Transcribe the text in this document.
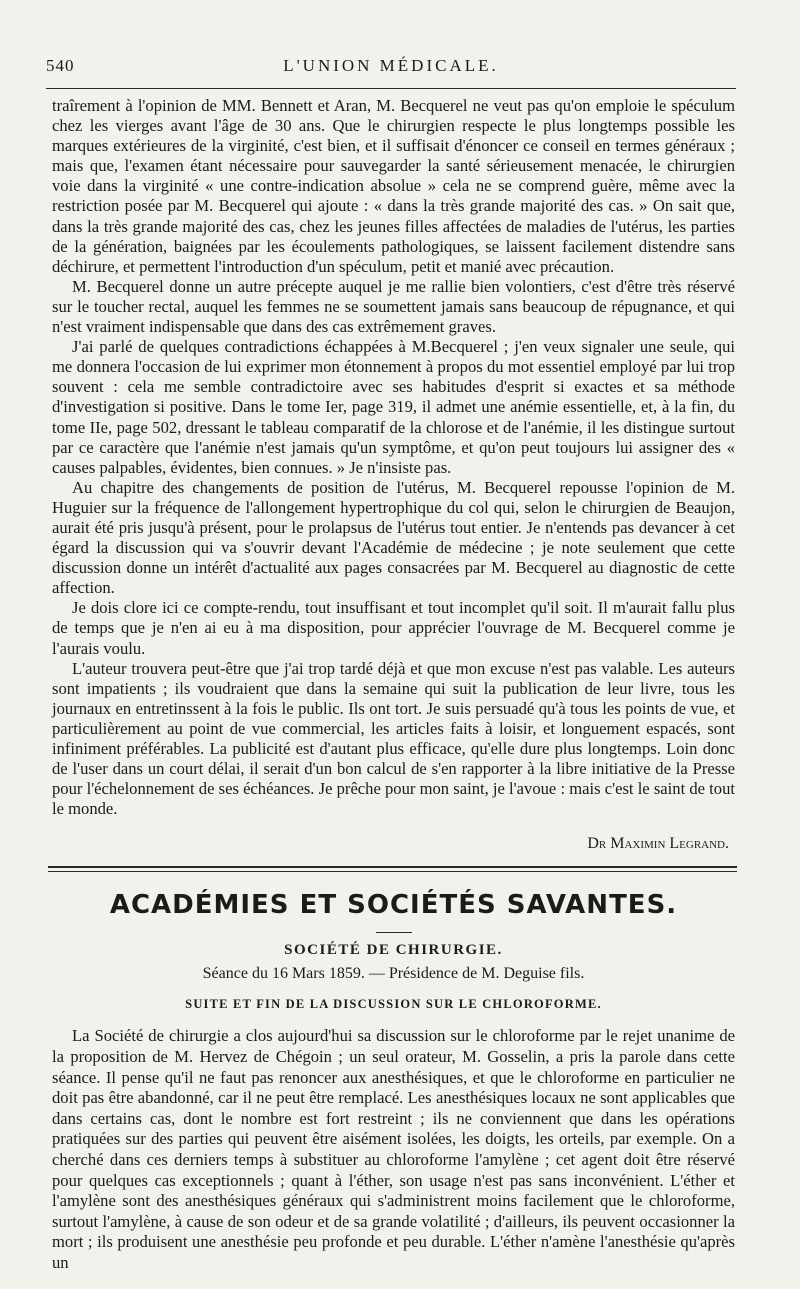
540	L'UNION MÉDICALE.

traîrement à l'opinion de MM. Bennett et Aran, M. Becquerel ne veut pas qu'on emploie le spéculum chez les vierges avant l'âge de 30 ans. Que le chirurgien respecte le plus longtemps possible les marques extérieures de la virginité, c'est bien, et il suffisait d'énoncer ce conseil en termes généraux ; mais que, l'examen étant nécessaire pour sauvegarder la santé sérieusement menacée, le chirurgien voie dans la virginité « une contre-indication absolue » cela ne se comprend guère, même avec la restriction posée par M. Becquerel qui ajoute : « dans la très grande majorité des cas. » On sait que, dans la très grande majorité des cas, chez les jeunes filles affectées de maladies de l'utérus, les parties de la génération, baignées par les écoulements pathologiques, se laissent facilement distendre sans déchirure, et permettent l'introduction d'un spéculum, petit et manié avec précaution.

M. Becquerel donne un autre précepte auquel je me rallie bien volontiers, c'est d'être très réservé sur le toucher rectal, auquel les femmes ne se soumettent jamais sans beaucoup de répugnance, et qui n'est vraiment indispensable que dans des cas extrêmement graves.

J'ai parlé de quelques contradictions échappées à M.Becquerel ; j'en veux signaler une seule, qui me donnera l'occasion de lui exprimer mon étonnement à propos du mot essentiel employé par lui trop souvent : cela me semble contradictoire avec ses habitudes d'esprit si exactes et sa méthode d'investigation si positive. Dans le tome Ier, page 319, il admet une anémie essentielle, et, à la fin, du tome IIe, page 502, dressant le tableau comparatif de la chlorose et de l'anémie, il les distingue surtout par ce caractère que l'anémie n'est jamais qu'un symptôme, et qu'on peut toujours lui assigner des « causes palpables, évidentes, bien connues. » Je n'insiste pas.

Au chapitre des changements de position de l'utérus, M. Becquerel repousse l'opinion de M. Huguier sur la fréquence de l'allongement hypertrophique du col qui, selon le chirurgien de Beaujon, aurait été pris jusqu'à présent, pour le prolapsus de l'utérus tout entier. Je n'entends pas devancer à cet égard la discussion qui va s'ouvrir devant l'Académie de médecine ; je note seulement que cette discussion donne un intérêt d'actualité aux pages consacrées par M. Becquerel au diagnostic de cette affection.

Je dois clore ici ce compte-rendu, tout insuffisant et tout incomplet qu'il soit. Il m'aurait fallu plus de temps que je n'en ai eu à ma disposition, pour apprécier l'ouvrage de M. Becquerel comme je l'aurais voulu.

L'auteur trouvera peut-être que j'ai trop tardé déjà et que mon excuse n'est pas valable. Les auteurs sont impatients ; ils voudraient que dans la semaine qui suit la publication de leur livre, tous les journaux en entretinssent à la fois le public. Ils ont tort. Je suis persuadé qu'à tous les points de vue, et particulièrement au point de vue commercial, les articles faits à loisir, et longuement espacés, sont infiniment préférables. La publicité est d'autant plus efficace, qu'elle dure plus longtemps. Loin donc de l'user dans un court délai, il serait d'un bon calcul de s'en rapporter à la libre initiative de la Presse pour l'échelonnement de ses échéances. Je prêche pour mon saint, je l'avoue : mais c'est le saint de tout le monde.

Dr Maximin Legrand.
ACADÉMIES ET SOCIÉTÉS SAVANTES.
SOCIÉTÉ DE CHIRURGIE.
Séance du 16 Mars 1859. — Présidence de M. Deguise fils.
SUITE ET FIN DE LA DISCUSSION SUR LE CHLOROFORME.

La Société de chirurgie a clos aujourd'hui sa discussion sur le chloroforme par le rejet unanime de la proposition de M. Hervez de Chégoin ; un seul orateur, M. Gosselin, a pris la parole dans cette séance. Il pense qu'il ne faut pas renoncer aux anesthésiques, et que le chloroforme en particulier ne doit pas être abandonné, car il ne peut être remplacé. Les anesthésiques locaux ne sont applicables que dans certains cas, dont le nombre est fort restreint ; ils ne conviennent que dans les opérations pratiquées sur des parties qui peuvent être aisément isolées, les doigts, les orteils, par exemple. On a cherché dans ces derniers temps à substituer au chloroforme l'amylène ; cet agent doit être réservé pour quelques cas exceptionnels ; quant à l'éther, son usage n'est pas sans inconvénient. L'éther et l'amylène sont des anesthésiques généraux qui s'administrent moins facilement que le chloroforme, surtout l'amylène, à cause de son odeur et de sa grande volatilité ; d'ailleurs, ils peuvent occasionner la mort ; ils produisent une anesthésie peu profonde et peu durable. L'éther n'amène l'anesthésie qu'après un
